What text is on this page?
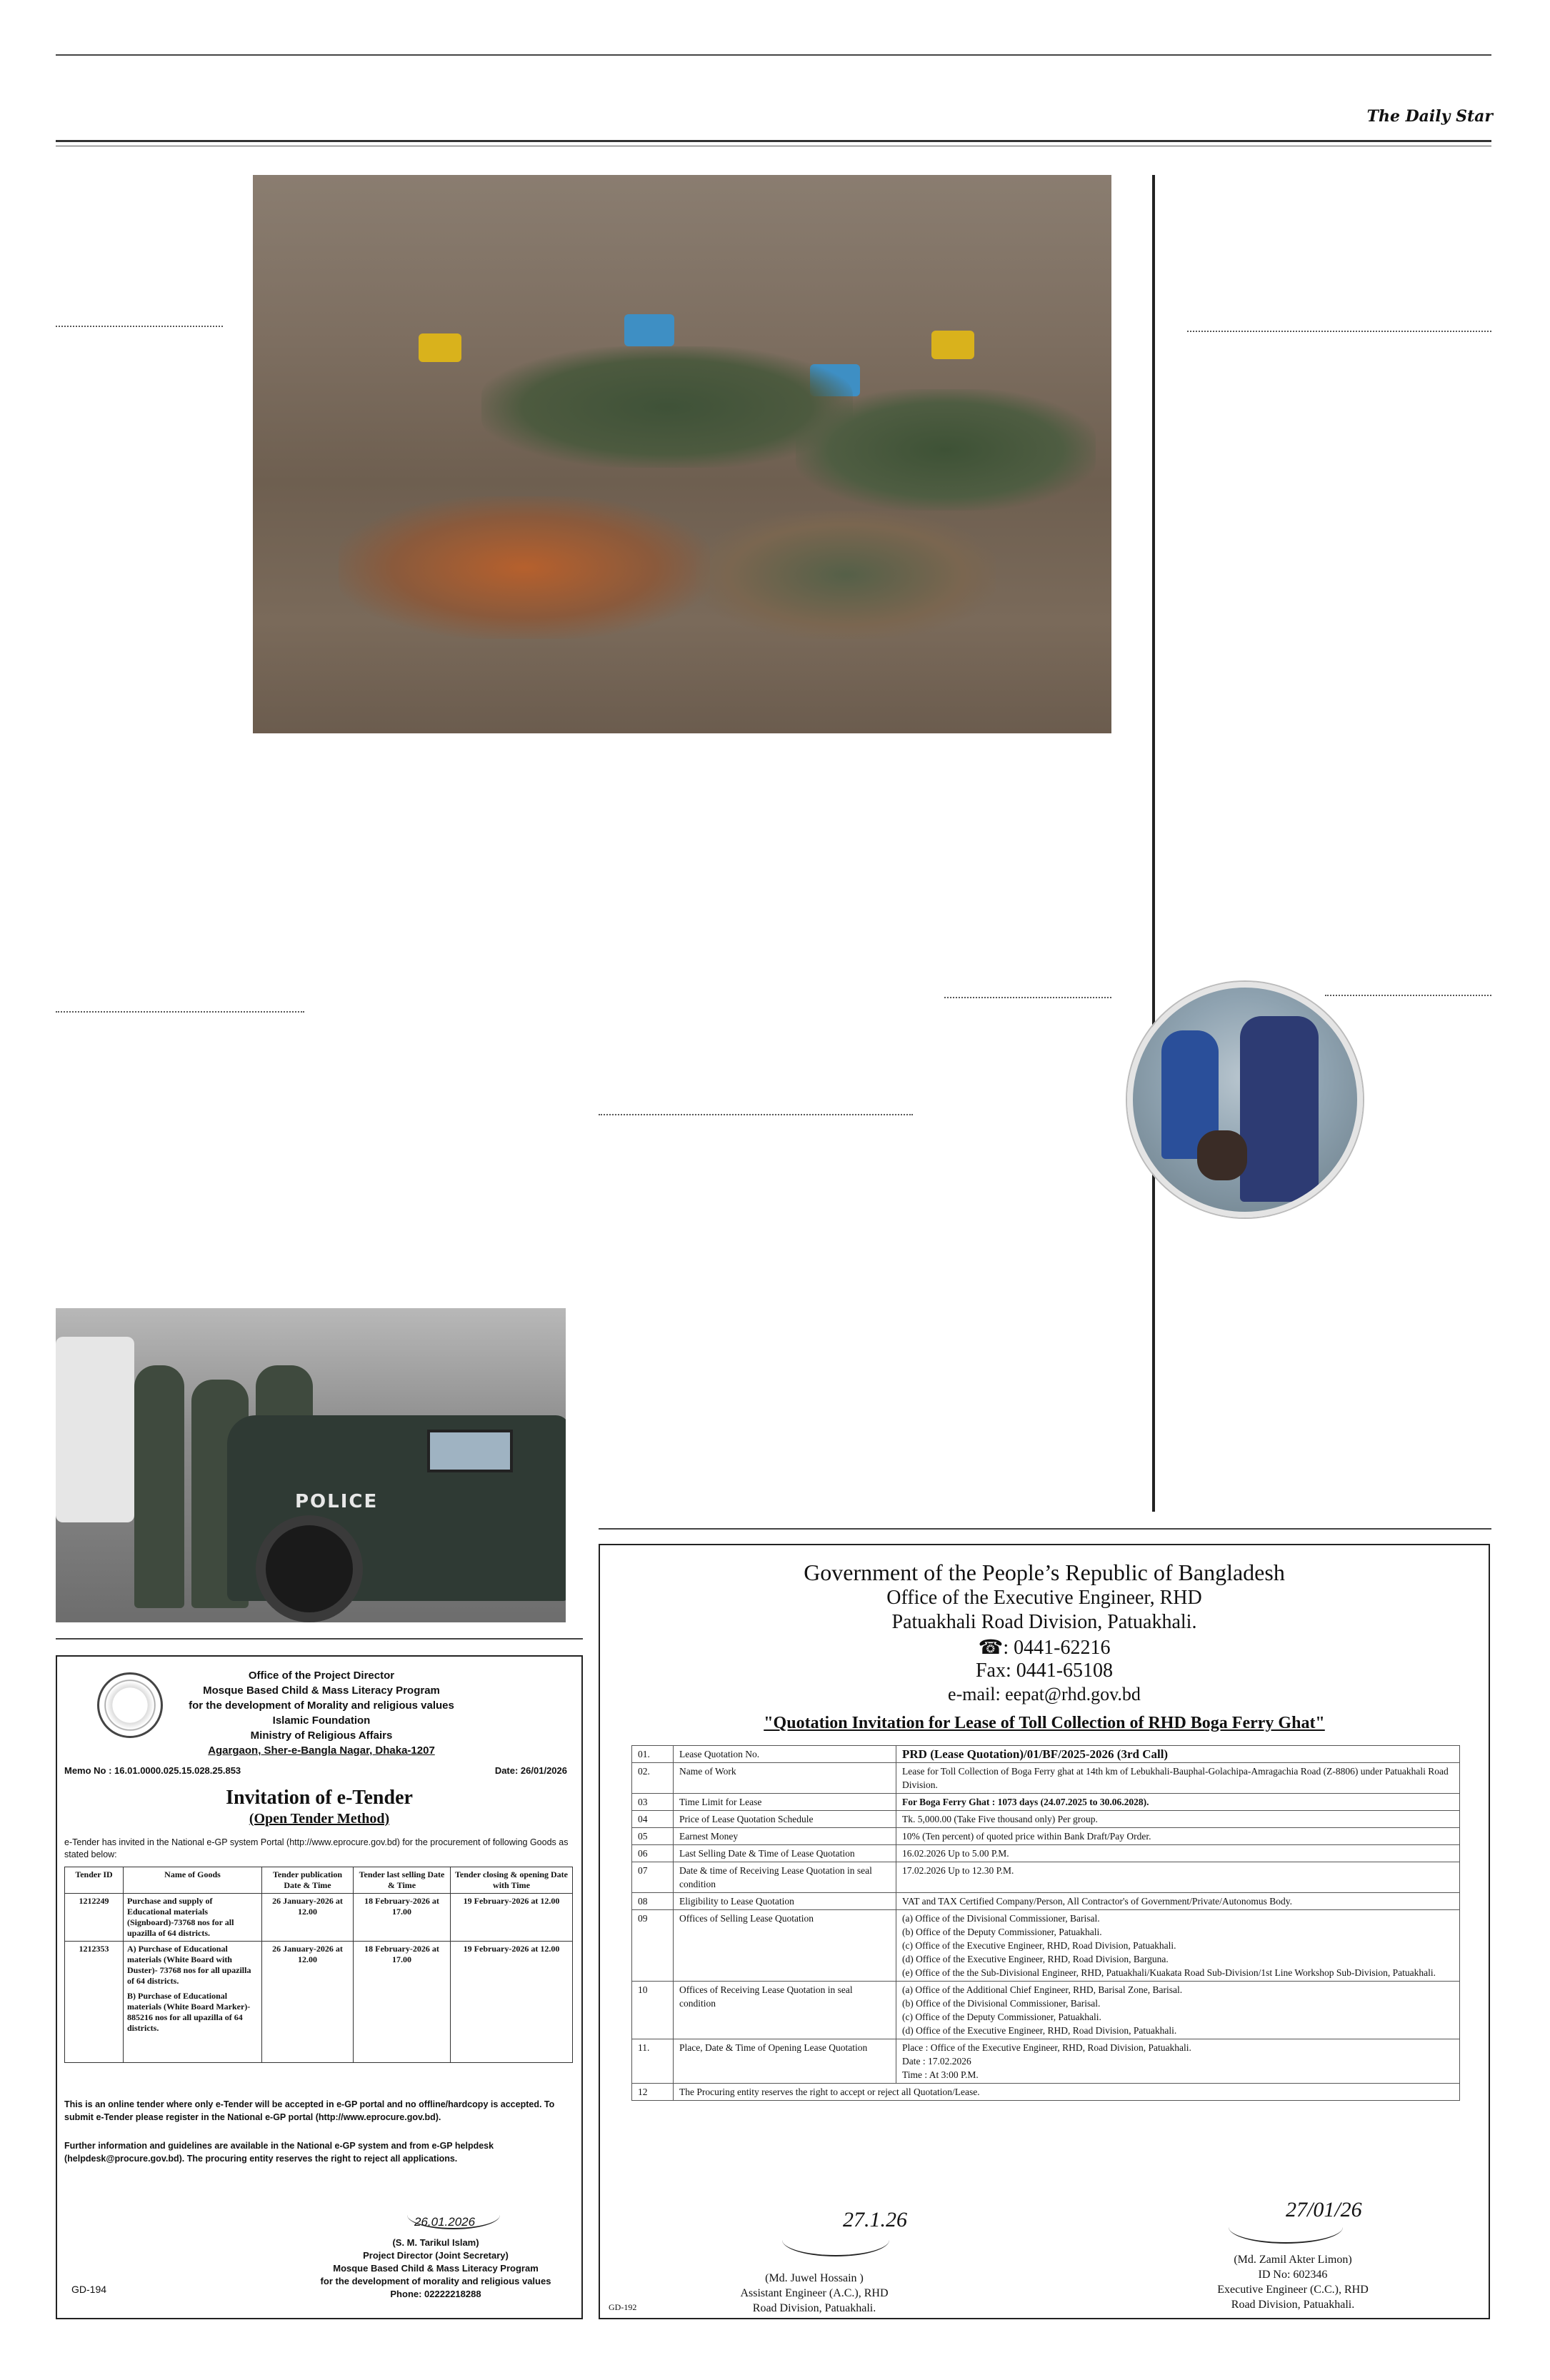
The Daily Star
POLICE
Office of the Project Director
Mosque Based Child & Mass Literacy Program
for the development of Morality and religious values
Islamic Foundation
Ministry of Religious Affairs
Agargaon, Sher-e-Bangla Nagar, Dhaka-1207
Memo No : 16.01.0000.025.15.028.25.853	Date: 26/01/2026
Invitation of e-Tender
(Open Tender Method)
e-Tender has invited in the National e-GP system Portal (http://www.eprocure.gov.bd) for the procurement of following Goods as stated below:
Tender ID	Name of Goods	Tender publication Date & Time	Tender last selling Date & Time	Tender closing & opening Date with Time
1212249	Purchase and supply of Educational materials (Signboard)-73768 nos for all upazilla of 64 districts.	26 January-2026 at 12.00	18 February-2026 at 17.00	19 February-2026 at 12.00
1212353	A) Purchase of Educational materials (White Board with Duster)- 73768 nos for all upazilla of 64 districts.
B) Purchase of Educational materials (White Board Marker)- 885216 nos for all upazilla of 64 districts.	26 January-2026 at 12.00	18 February-2026 at 17.00	19 February-2026 at 12.00
This is an online tender where only e-Tender will be accepted in e-GP portal and no offline/hardcopy is accepted. To submit e-Tender please register in the National e-GP portal (http://www.eprocure.gov.bd).
Further information and guidelines are available in the National e-GP system and from e-GP helpdesk (helpdesk@procure.gov.bd). The procuring entity reserves the right to reject all applications.
26.01.2026
(S. M. Tarikul Islam)
Project Director (Joint Secretary)
Mosque Based Child & Mass Literacy Program
for the development of morality and religious values
Phone: 02222218288
GD-194
Government of the People’s Republic of Bangladesh
Office of the Executive Engineer, RHD
Patuakhali Road Division, Patuakhali.
☎: 0441-62216
Fax: 0441-65108
e-mail: eepat@rhd.gov.bd
"Quotation Invitation for Lease of Toll Collection of RHD Boga Ferry Ghat"
01.	Lease Quotation No.	PRD (Lease Quotation)/01/BF/2025-2026 (3rd Call)
02.	Name of Work	Lease for Toll Collection of Boga Ferry ghat at 14th km of Lebukhali-Bauphal-Golachipa-Amragachia Road (Z-8806) under Patuakhali Road Division.
03	Time Limit for Lease	For Boga Ferry Ghat : 1073 days (24.07.2025 to 30.06.2028).
04	Price of Lease Quotation Schedule	Tk. 5,000.00 (Take Five thousand only) Per group.
05	Earnest Money	10% (Ten percent) of quoted price within Bank Draft/Pay Order.
06	Last Selling Date & Time of Lease Quotation	16.02.2026 Up to 5.00 P.M.
07	Date & time of Receiving Lease Quotation in seal condition	17.02.2026 Up to 12.30 P.M.
08	Eligibility to Lease Quotation	VAT and TAX Certified Company/Person, All Contractor's of Government/Private/Autonomus Body.
09	Offices of Selling Lease Quotation	(a) Office of the Divisional Commissioner, Barisal.
(b) Office of the Deputy Commissioner, Patuakhali.
(c) Office of the Executive Engineer, RHD, Road Division, Patuakhali.
(d) Office of the Executive Engineer, RHD, Road Division, Barguna.
(e) Office of the the Sub-Divisional Engineer, RHD, Patuakhali/Kuakata Road Sub-Division/1st Line Workshop Sub-Division, Patuakhali.
10	Offices of Receiving Lease Quotation in seal condition	(a) Office of the Additional Chief Engineer, RHD, Barisal Zone, Barisal.
(b) Office of the Divisional Commissioner, Barisal.
(c) Office of the Deputy Commissioner, Patuakhali.
(d) Office of the Executive Engineer, RHD, Road Division, Patuakhali.
11.	Place, Date & Time of Opening Lease Quotation	Place : Office of the Executive Engineer, RHD, Road Division, Patuakhali.
Date : 17.02.2026
Time : At 3:00 P.M.
12	The Procuring entity reserves the right to accept or reject all Quotation/Lease.	
27.1.26
(Md. Juwel Hossain )
Assistant Engineer (A.C.), RHD
Road Division, Patuakhali.
27/01/26
(Md. Zamil Akter Limon)
ID No: 602346
Executive Engineer (C.C.), RHD
Road Division, Patuakhali.
GD-192
